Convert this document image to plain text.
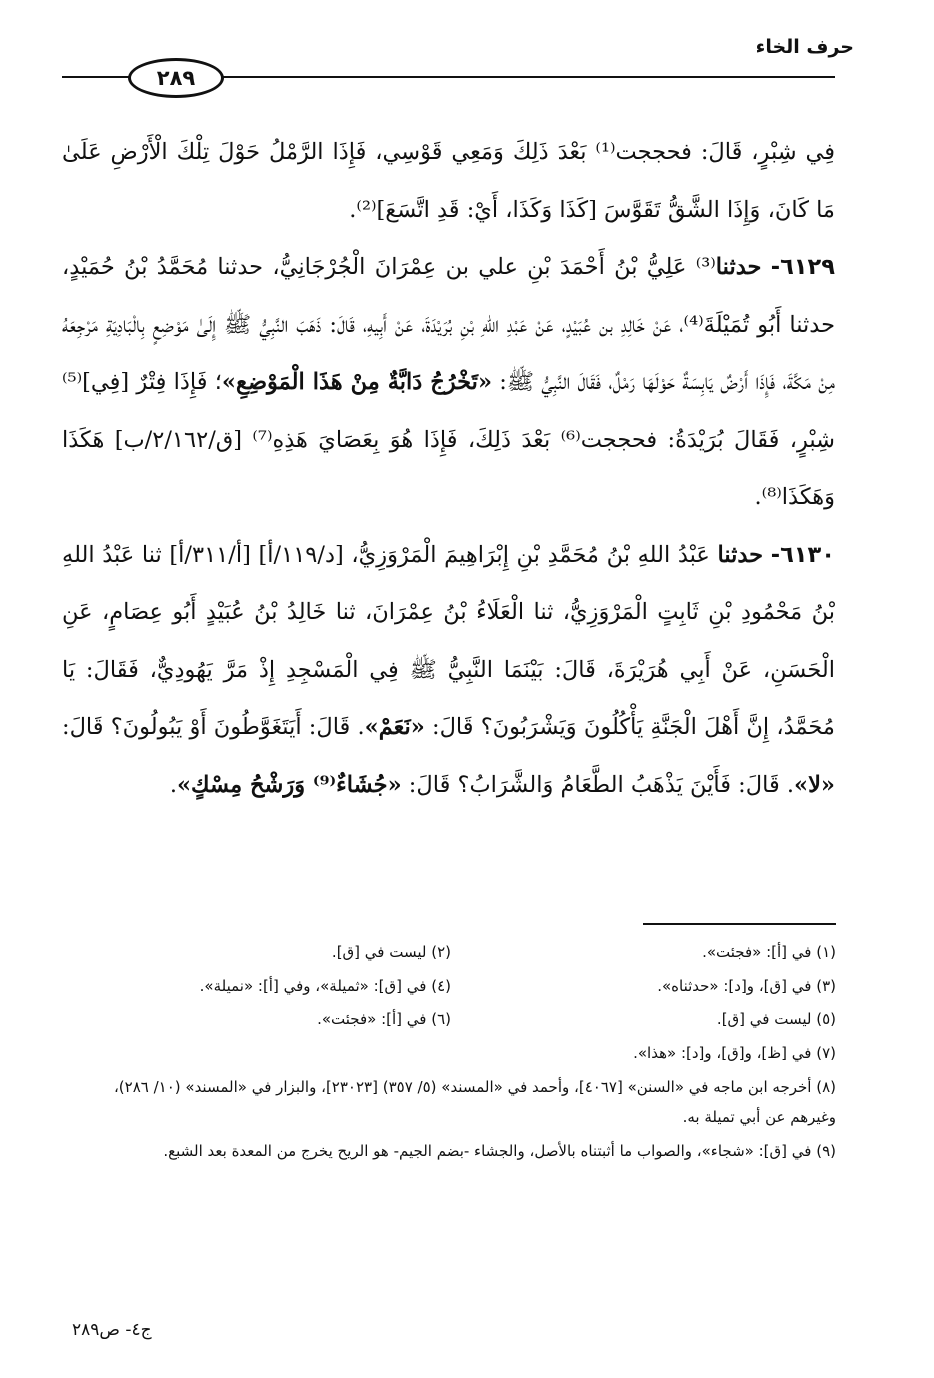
حرف الخاء
٢٨٩

فِي شِبْرٍ، قَالَ: فحججت⁽¹⁾ بَعْدَ ذَلِكَ وَمَعِي قَوْسِي، فَإِذَا الرَّمْلُ حَوْلَ تِلْكَ الْأَرْضِ عَلَىٰ مَا كَانَ، وَإِذَا الشَّقُّ تَقَوَّسَ [كَذَا وَكَذَا، أَيْ: قَدِ اتَّسَعَ]⁽²⁾.

٦١٢٩- حدثنا⁽³⁾ عَلِيُّ بْنُ أَحْمَدَ بْنِ علي بن عِمْرَانَ الْجُرْجَانِيُّ، حدثنا مُحَمَّدُ بْنُ حُمَيْدٍ، حدثنا أَبُو تُمَيْلَةَ⁽⁴⁾، عَنْ خَالِدِ بن عُبَيْدٍ، عَنْ عَبْدِ اللهِ بْنِ بُرَيْدَةَ، عَنْ أَبِيهِ، قَالَ: ذَهَبَ النَّبِيُّ ﷺ إِلَىٰ مَوْضِعٍ بِالْبَادِيَةِ مَرْجِعَهُ مِنْ مَكَّةَ، فَإِذَا أَرْضٌ يَابِسَةٌ حَوْلَهَا رَمْلٌ، فَقَالَ النَّبِيُّ ﷺ: «تَخْرُجُ دَابَّةٌ مِنْ هَذَا الْمَوْضِعِ»؛ فَإِذَا فِتْرٌ [فِي]⁽⁵⁾ شِبْرٍ، فَقَالَ بُرَيْدَةُ: فحججت⁽⁶⁾ بَعْدَ ذَلِكَ، فَإِذَا هُوَ بِعَصَايَ هَذِهِ⁽⁷⁾ [ق/٢/١٦٢/ب] هَكَذَا وَهَكَذَا⁽⁸⁾.

٦١٣٠- حدثنا عَبْدُ اللهِ بْنُ مُحَمَّدِ بْنِ إِبْرَاهِيمَ الْمَرْوَزِيُّ، [د/١١٩/أ] [أ/٣١١/أ] ثنا عَبْدُ اللهِ بْنُ مَحْمُودِ بْنِ ثَابِتٍ الْمَرْوَزِيُّ، ثنا الْعَلَاءُ بْنُ عِمْرَانَ، ثنا خَالِدُ بْنُ عُبَيْدٍ أَبُو عِصَامٍ، عَنِ الْحَسَنِ، عَنْ أَبِي هُرَيْرَةَ، قَالَ: بَيْنَمَا النَّبِيُّ ﷺ فِي الْمَسْجِدِ إِذْ مَرَّ يَهُودِيٌّ، فَقَالَ: يَا مُحَمَّدُ، إِنَّ أَهْلَ الْجَنَّةِ يَأْكُلُونَ وَيَشْرَبُونَ؟ قَالَ: «نَعَمْ». قَالَ: أَيَتَغَوَّطُونَ أَوْ يَبُولُونَ؟ قَالَ: «لا». قَالَ: فَأَيْنَ يَذْهَبُ الطَّعَامُ وَالشَّرَابُ؟ قَالَ: «جُشَاءٌ⁽⁹⁾ وَرَشْحُ مِسْكٍ».

(١) في [أ]: «فجئت».
(٢) ليست في [ق].
(٣) في [ق]، و[د]: «حدثناه».
(٤) في [ق]: «ثميلة»، وفي [أ]: «نميلة».
(٥) ليست في [ق].
(٦) في [أ]: «فجئت».
(٧) في [ظ]، و[ق]، و[د]: «هذا».
(٨) أخرجه ابن ماجه في «السنن» [٤٠٦٧]، وأحمد في «المسند» (٥/ ٣٥٧) [٢٣٠٢٣]، والبزار في «المسند» (١٠/ ٢٨٦)، وغيرهم عن أبي تميلة به.
(٩) في [ق]: «شجاء»، والصواب ما أثبتناه بالأصل، والجشاء -بضم الجيم- هو الريح يخرج من المعدة بعد الشبع.
ج٤- ص٢٨٩
